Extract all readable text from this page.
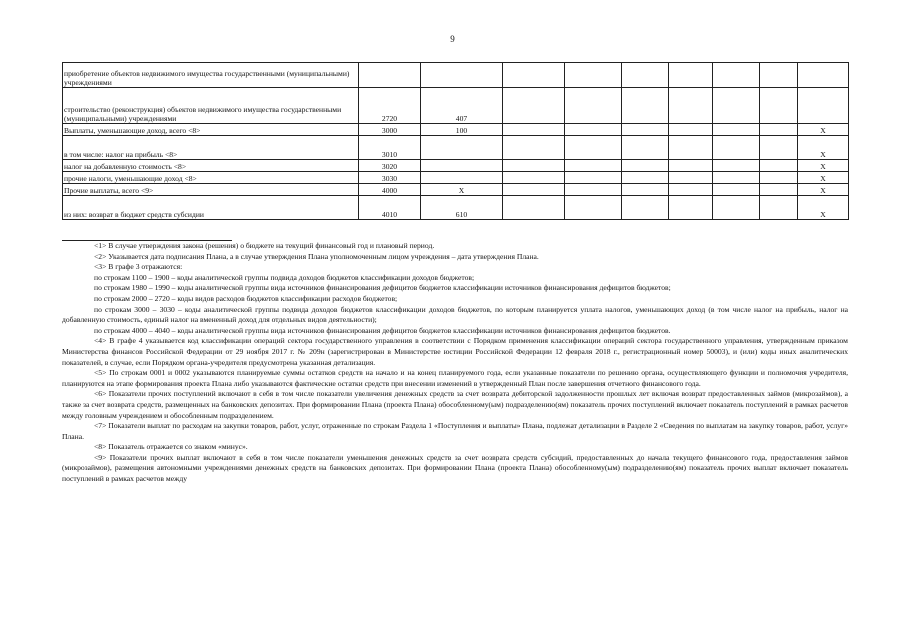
9
приобретение объектов недвижимого имущества государственными (муниципальными) учреждениями									
строительство (реконструкция) объектов недвижимого имущества государственными (муниципальными) учреждениями	2720	407							
Выплаты, уменьшающие доход, всего <8>	3000	100							X
в том числе: налог на прибыль <8>	3010								X
налог на добавленную стоимость <8>	3020								X
прочие налоги, уменьшающие доход <8>	3030								X
Прочие выплаты, всего <9>	4000	X							X
из них: возврат в бюджет средств субсидии	4010	610							X

<1> В случае утверждения закона (решения) о бюджете на текущий финансовый год и плановый период.

<2> Указывается дата подписания Плана, а в случае утверждения Плана уполномоченным лицом учреждения – дата утверждения Плана.

<3> В графе 3 отражаются:

по строкам 1100 – 1900 – коды аналитической группы подвида доходов бюджетов классификации доходов бюджетов;

по строкам 1980 – 1990 – коды аналитической группы вида источников финансирования дефицитов бюджетов классификации источников финансирования дефицитов бюджетов;

по строкам 2000 – 2720 – коды видов расходов бюджетов классификации расходов бюджетов;

по строкам 3000 – 3030 – коды аналитической группы подвида доходов бюджетов классификации доходов бюджетов, по которым планируется уплата налогов, уменьшающих доход (в том числе налог на прибыль, налог на добавленную стоимость, единый налог на вмененный доход для отдельных видов деятельности);

по строкам 4000 – 4040 – коды аналитической группы вида источников финансирования дефицитов бюджетов классификации источников финансирования дефицитов бюджетов.

<4> В графе 4 указывается код классификации операций сектора государственного управления в соответствии с Порядком применения классификации операций сектора государственного управления, утвержденным приказом Министерства финансов Российской Федерации от 29 ноября 2017 г. № 209н (зарегистрирован в Министерстве юстиции Российской Федерации 12 февраля 2018 г., регистрационный номер 50003), и (или) коды иных аналитических показателей, в случае, если Порядком органа-учредителя предусмотрена указанная детализация.

<5> По строкам 0001 и 0002 указываются планируемые суммы остатков средств на начало и на конец планируемого года, если указанные показатели по решению органа, осуществляющего функции и полномочия учредителя, планируются на этапе формирования проекта Плана либо указываются фактические остатки средств при внесении изменений в утвержденный План после завершения отчетного финансового года.

<6> Показатели прочих поступлений включают в себя в том числе показатели увеличения денежных средств за счет возврата дебиторской задолженности прошлых лет включая возврат предоставленных займов (микрозаймов), а также за счет возврата средств, размещенных на банковских депозитах. При формировании Плана (проекта Плана) обособленному(ым) подразделению(ям) показатель прочих поступлений включает показатель поступлений в рамках расчетов между головным учреждением и обособленным подразделением.

<7> Показатели выплат по расходам на закупки товаров, работ, услуг, отраженные по строкам Раздела 1 «Поступления и выплаты» Плана, подлежат детализации в Разделе 2 «Сведения по выплатам на закупку товаров, работ, услуг» Плана.

<8> Показатель отражается со знаком «минус».

<9> Показатели прочих выплат включают в себя в том числе показатели уменьшения денежных средств за счет возврата средств субсидий, предоставленных до начала текущего финансового года, предоставления займов (микрозаймов), размещения автономными учреждениями денежных средств на банковских депозитах. При формировании Плана (проекта Плана) обособленному(ым) подразделению(ям) показатель прочих выплат включает показатель поступлений в рамках расчетов между
